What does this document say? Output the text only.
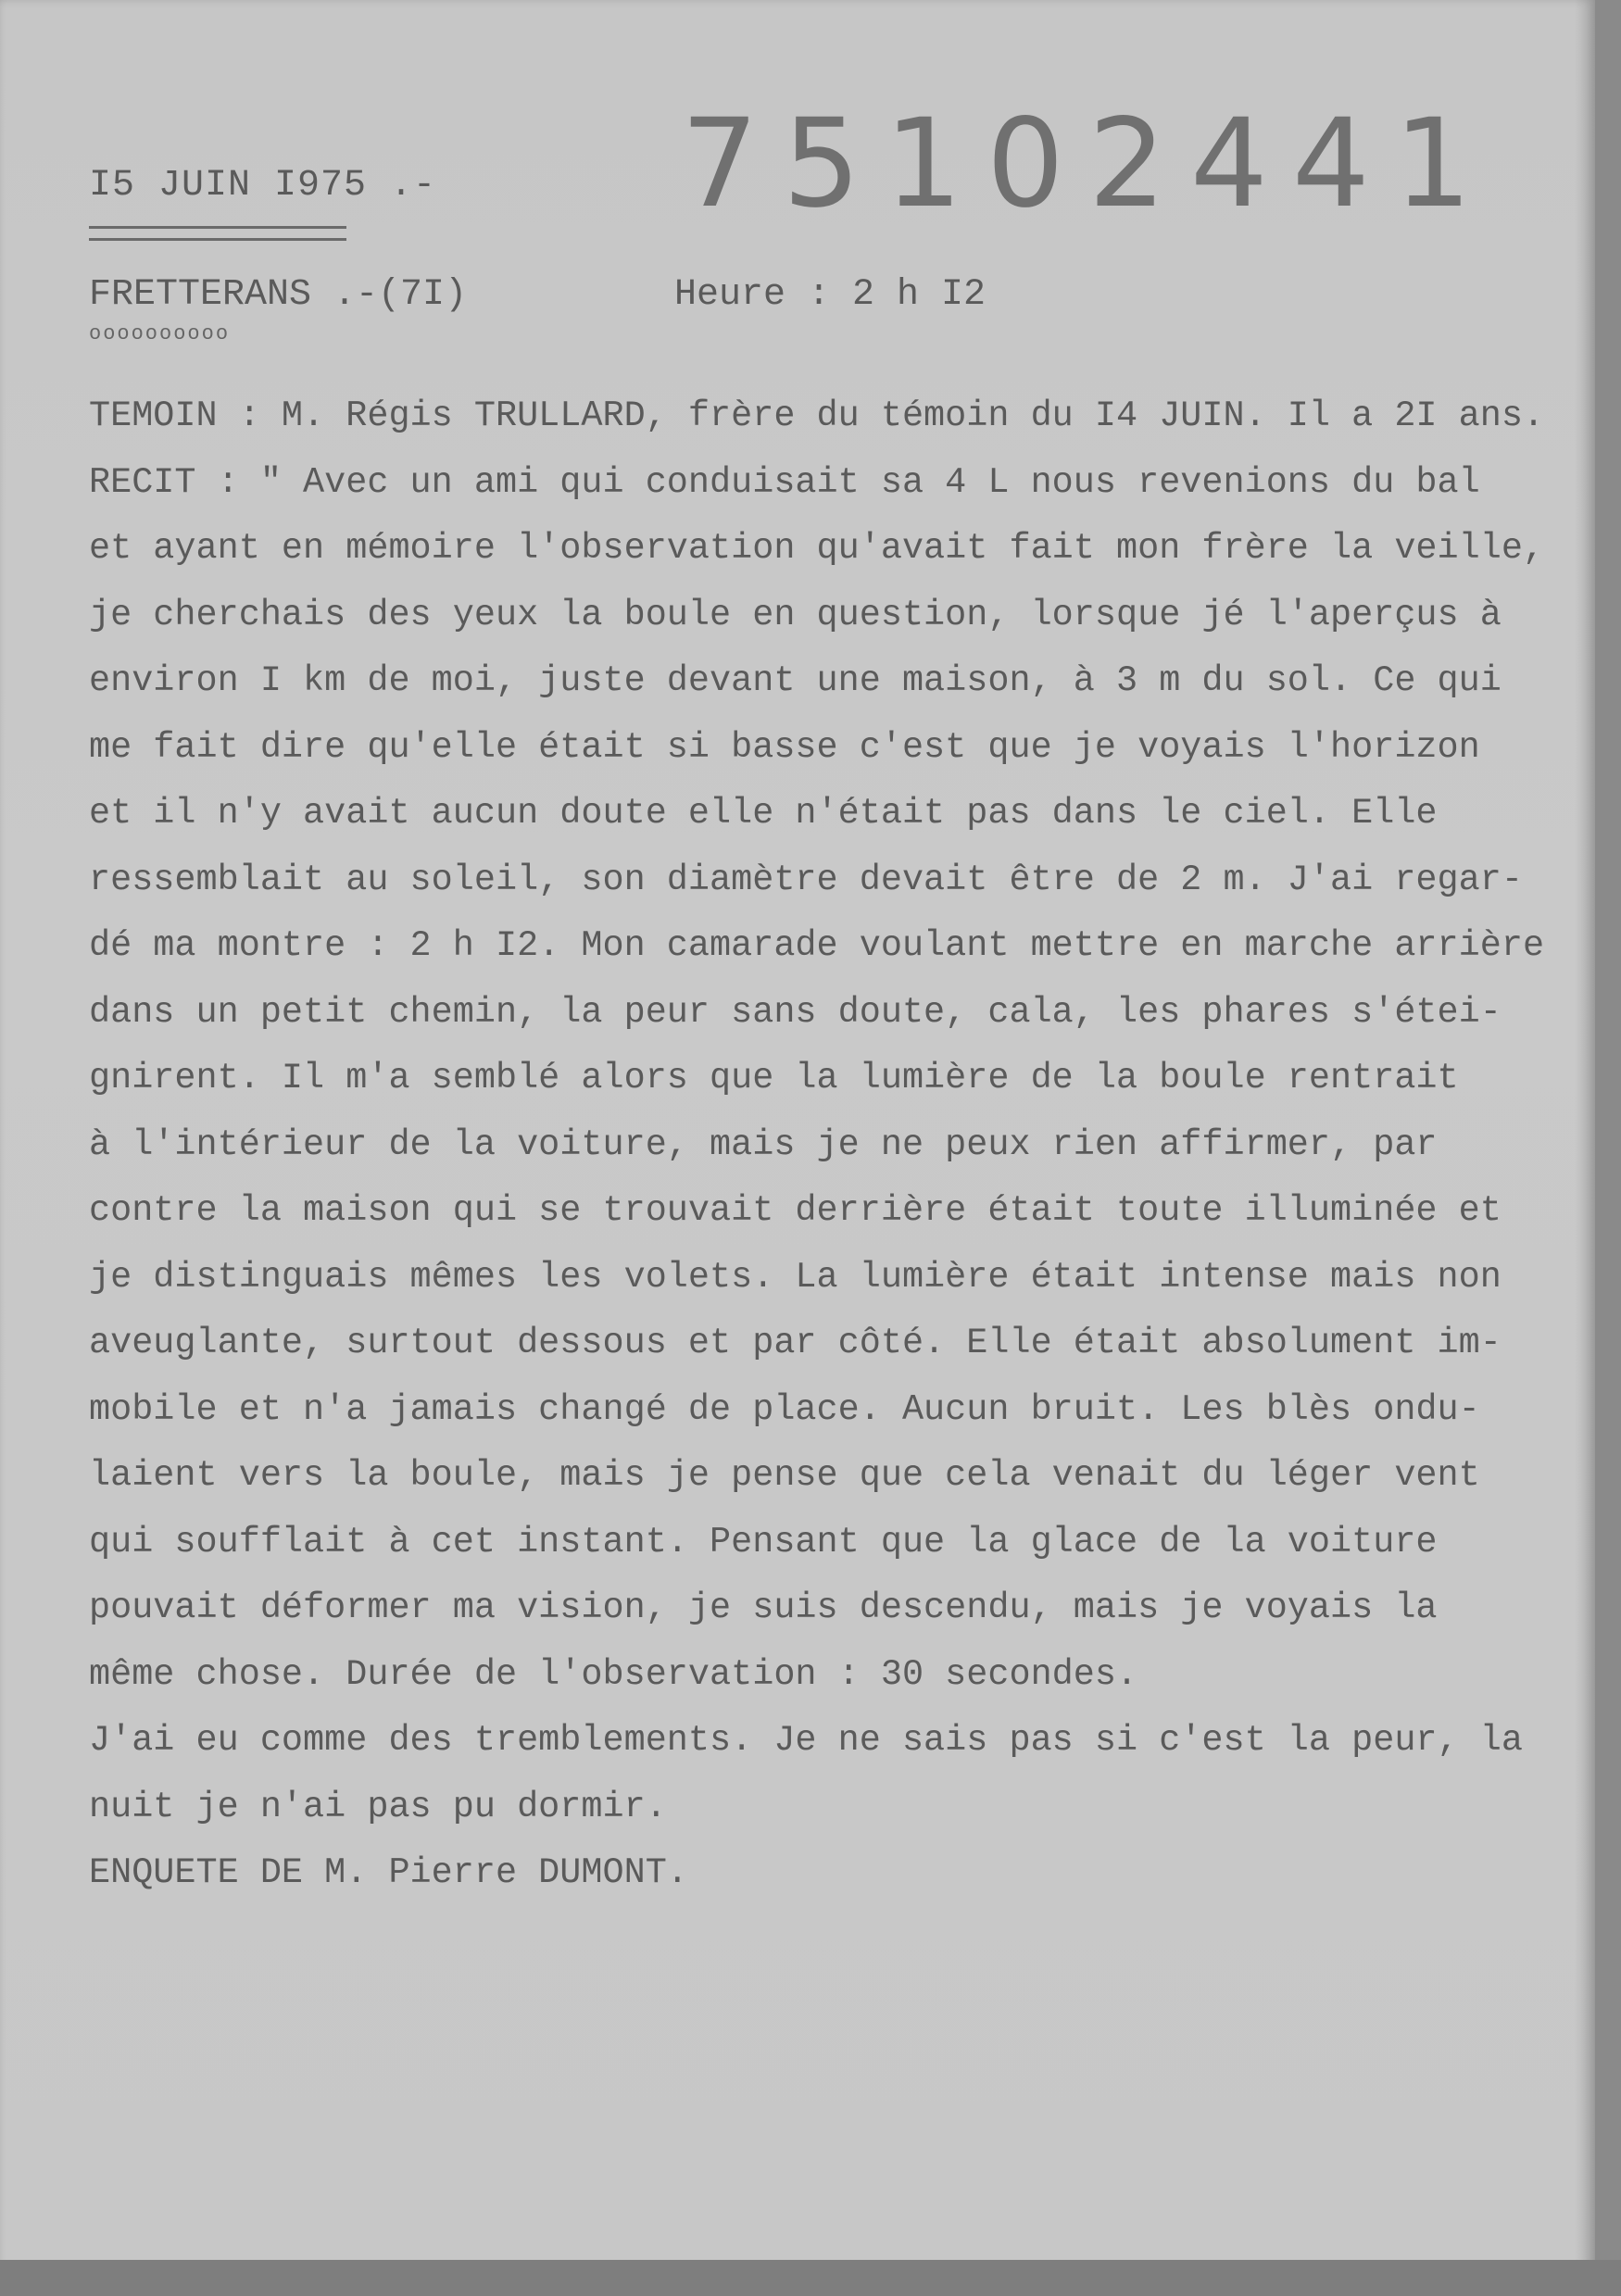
I5 JUIN I975 .- 75102441
FRETTERANS .-(7I)
oooooooooo
Heure : 2 h I2
TEMOIN : M. Régis TRULLARD, frère du témoin du I4 JUIN. Il a 2I ans.
RECIT : " Avec un ami qui conduisait sa 4 L nous revenions du bal
et ayant en mémoire l'observation qu'avait fait mon frère la veille,
je cherchais des yeux la boule en question, lorsque jé l'aperçus à
environ I km de moi, juste devant une maison, à 3 m du sol. Ce qui
me fait dire qu'elle était si basse c'est que je voyais l'horizon
et il n'y avait aucun doute elle n'était pas dans le ciel. Elle
ressemblait au soleil, son diamètre devait être de 2 m. J'ai regar-
dé ma montre : 2 h I2. Mon camarade voulant mettre en marche arrière
dans un petit chemin, la peur sans doute, cala, les phares s'étei-
gnirent. Il m'a semblé alors que la lumière de la boule rentrait
à l'intérieur de la voiture, mais je ne peux rien affirmer, par
contre la maison qui se trouvait derrière était toute illuminée et
je distinguais mêmes les volets. La lumière était intense mais non
aveuglante, surtout dessous et par côté. Elle était absolument im-
mobile et n'a jamais changé de place. Aucun bruit. Les blès ondu-
laient vers la boule, mais je pense que cela venait du léger vent
qui soufflait à cet instant. Pensant que la glace de la voiture
pouvait déformer ma vision, je suis descendu, mais je voyais la
même chose. Durée de l'observation : 30 secondes.
J'ai eu comme des tremblements. Je ne sais pas si c'est la peur, la
nuit je n'ai pas pu dormir.
ENQUETE DE M. Pierre DUMONT.
